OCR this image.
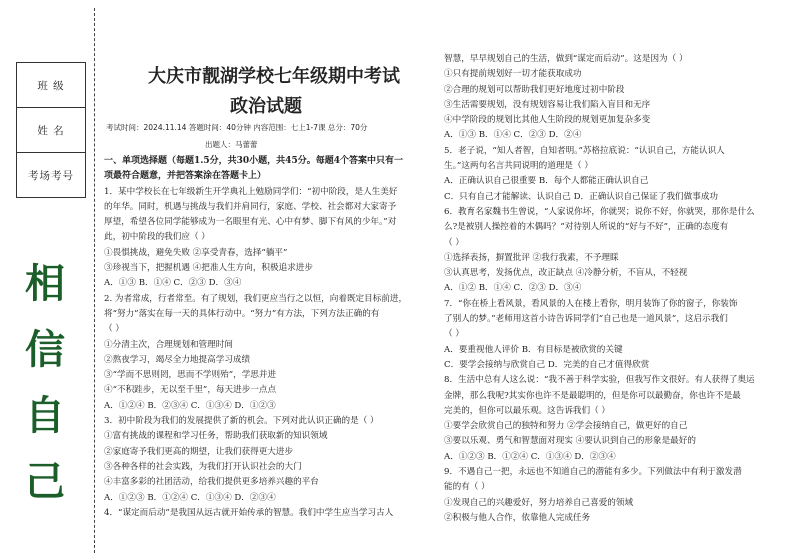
班 级
姓 名
考场考号
相
信
自
己
大庆市靓湖学校七年级期中考试
政治试题
考试时间：2024.11.14 答题时间：40分钟 内容范围：七上1-7课 总分：70分
出题人：马蕾蕾
一、单项选择题（每题1.5分，共30小题，共45分。每题4个答案中只有一
项最符合题意，并把答案涂在答题卡上）
1．某中学校长在七年级新生开学典礼上勉励同学们：“初中阶段，是人生美好
的年华。同时，机遇与挑战与我们并肩同行，家庭、学校、社会都对大家寄予
厚望，希望各位同学能够成为一名眼里有光、心中有梦、脚下有风的少年。”对
此，初中阶段的我们应（ ）
①畏惧挑战，避免失败 ②享受青春，选择“躺平”
③珍视当下，把握机遇 ④把准人生方向，积极追求进步
A．①③ B．①④ C．②③ D．③④
2. 为者常成，行者常至。有了规划，我们更应当行之以恒，向着既定目标前进，
将“努力”落实在每一天的具体行动中。“努力”有方法，下列方法正确的有
（ ）
①分清主次，合理规划和管理时间
②熬夜学习，竭尽全力地提高学习成绩
③“学而不思则罔，思而不学则殆”，学思并进
④“不积跬步，无以至千里”，每天进步一点点
A．①②④ B．②③④ C．①③④ D．①②③
3．初中阶段为我们的发展提供了新的机会。下列对此认识正确的是（ ）
①富有挑战的课程和学习任务，帮助我们获取新的知识领域
②家庭寄予我们更高的期望，让我们获得更大进步
③各种各样的社会实践，为我们打开认识社会的大门
④丰富多彩的社团活动，给我们提供更多培养兴趣的平台
A．①②③ B．①②④ C．①③④ D．②③④
4．“谋定而后动”是我国从远古就开始传承的智慧。我们中学生应当学习古人
智慧，早早规划自己的生活，做到“谋定而后动”。这是因为（ ）
①只有提前规划好一切才能获取成功
②合理的规划可以帮助我们更好地度过初中阶段
③生活需要规划，没有规划容易让我们陷入盲目和无序
④中学阶段的规划比其他人生阶段的规划更加复杂多变
A．①③ B．①④ C．②③ D．②④
5．老子说，“知人者智，自知者明。”苏格拉底说：“认识自己，方能认识人
生。”这两句名言共同说明的道理是（ ）
A．正确认识自己很重要 B．每个人都能正确认识自己
C．只有自己才能解读、认识自己 D．正确认识自己保证了我们做事成功
6．教育名家魏书生曾说，“人家说你坏，你就哭；说你不好，你就哭，那你是什么
么?是被别人操控着的木偶吗？”对待别人所说的“好与不好”，正确的态度有
（ ）
①选择表扬，摒置批评 ②我行我素，不予理睬
③认真思考，发扬优点，改正缺点 ④冷静分析，不盲从，不轻视
A．①② B．①④ C．②③ D．③④
7．“你在桥上看风景，看风景的人在楼上看你，明月装饰了你的窗子，你装饰
了别人的梦。”老师用这首小诗告诉同学们“自己也是一道风景”，这启示我们
（ ）
A．要重视他人评价 B．有目标是被欣赏的关键
C．要学会接纳与欣赏自己 D．完美的自己才值得欣赏
8．生活中总有人这么说：“我不善于科学实验，但我写作文很好。有人获得了奥运
金牌，那么我呢?其实你也许不是最聪明的，但是你可以最勤奋，你也许不是最
完美的，但你可以最乐观。这告诉我们（ ）
①要学会欣赏自己的独特和努力 ②学会接纳自己，做更好的自己
③要以乐观、勇气和智慧面对现实 ④要认识到自己的形象是最好的
A．①②③ B．①②④ C．①③④ D．②③④
9．不遇自己一把，永远也不知道自己的潜能有多少。下列做法中有利于激发潜
能的有（ ）
①发现自己的兴趣爱好，努力培养自己喜爱的领域
②积极与他人合作，依靠他人完成任务
